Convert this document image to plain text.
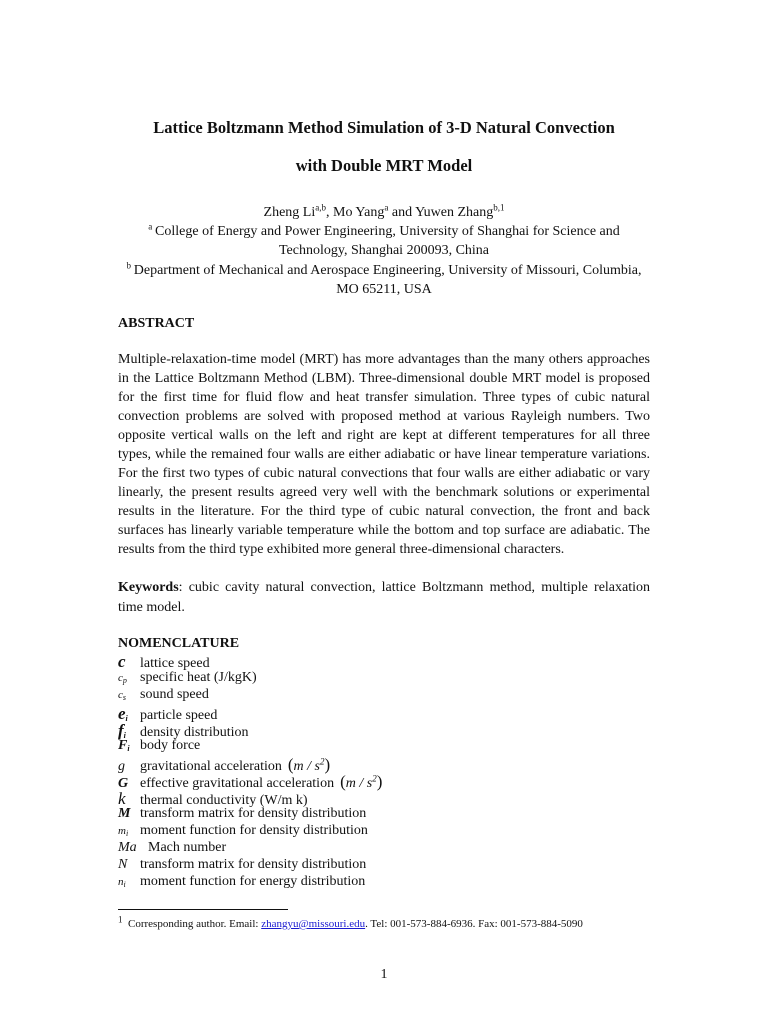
Lattice Boltzmann Method Simulation of 3-D Natural Convection
with Double MRT Model
Zheng Li$^{a,b}$, Mo Yang$^a$ and Yuwen Zhang$^{b,1}$
$^a$  College of Energy and Power Engineering, University of Shanghai for Science and
Technology, Shanghai 200093, China
$^b$  Department of Mechanical and Aerospace Engineering, University of Missouri, Columbia,
MO 65211, USA
ABSTRACT
Multiple-relaxation-time model (MRT) has more advantages than the many others approaches in the Lattice Boltzmann Method (LBM). Three-dimensional double MRT model is proposed for the first time for fluid flow and heat transfer simulation. Three types of cubic natural convection problems are solved with proposed method at various Rayleigh numbers. Two opposite vertical walls on the left and right are kept at different temperatures for all three types, while the remained four walls are either adiabatic or have linear temperature variations. For the first two types of cubic natural convections that four walls are either adiabatic or vary linearly, the present results agreed very well with the benchmark solutions or experimental results in the literature. For the third type of cubic natural convection, the front and back surfaces has linearly variable temperature while the bottom and top surface are adiabatic. The results from the third type exhibited more general three-dimensional characters.
Keywords: cubic cavity natural convection, lattice Boltzmann method, multiple relaxation time model.
NOMENCLATURE
c lattice speed
$c_p$ specific heat (J/kgK)
$c_s$ sound speed
$e_i$ particle speed
$f_i$ density distribution
$F_i$ body force
g gravitational acceleration $(m / s^2)$
G effective gravitational acceleration $(m / s^2)$
k thermal conductivity (W/m k)
M transform matrix for density distribution
$m_i$ moment function for density distribution
Ma Mach number
N transform matrix for density distribution
$n_i$ moment function for energy distribution
$^1$ Corresponding author. Email: zhangyu@missouri.edu. Tel: 001-573-884-6936. Fax: 001-573-884-5090
1
